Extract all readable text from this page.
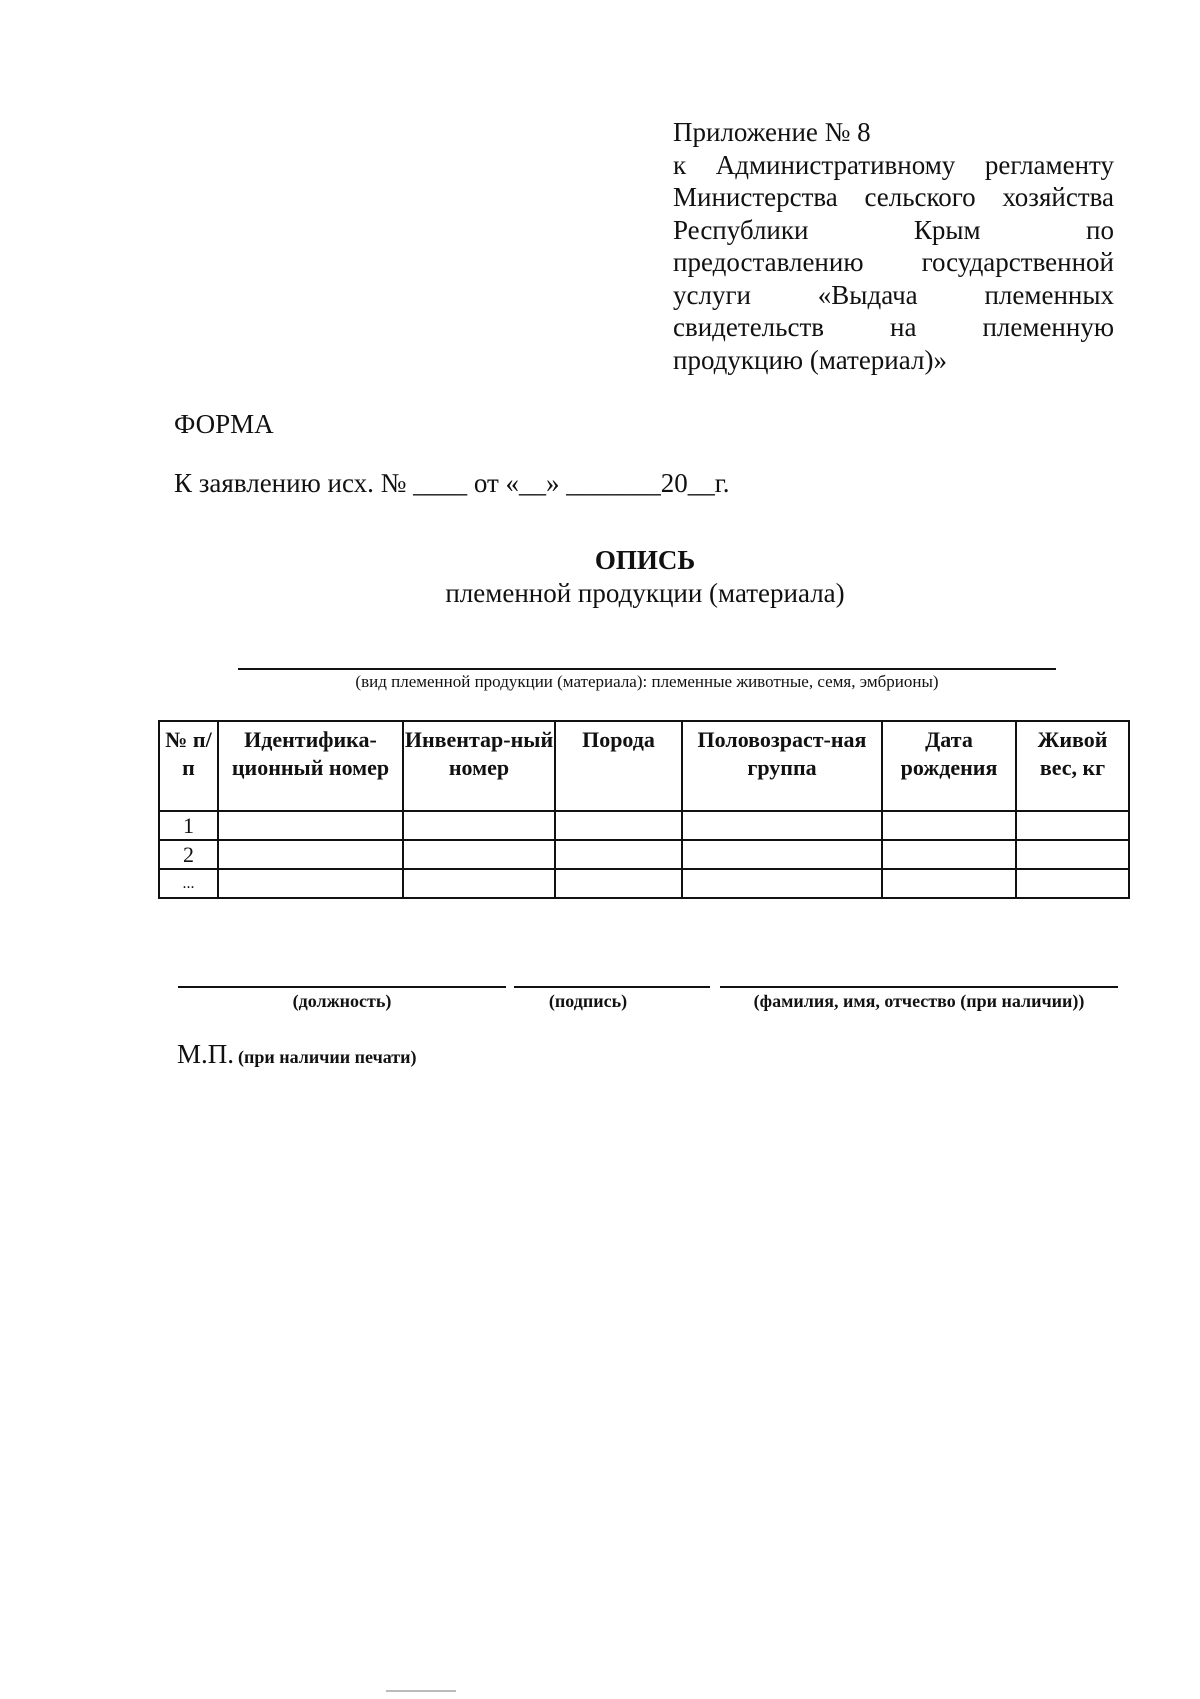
Приложение № 8
к Административному регламенту
Министерства сельского хозяйства
Республики Крым по
предоставлению государственной
услуги «Выдача племенных
свидетельств на племенную
продукцию (материал)»
ФОРМА
К заявлению исх. № ____ от «__» _______20__г.
ОПИСЬ
племенной продукции (материала)
(вид племенной продукции (материала): племенные животные, семя, эмбрионы)
№ п/п	Идентифика-ционный номер	Инвентар-ный номер	Порода	Половозраст-ная группа	Дата рождения	Живой вес, кг
1						
2						
...						
(должность)	(подпись)	(фамилия, имя, отчество (при наличии))
М.П. (при наличии печати)
